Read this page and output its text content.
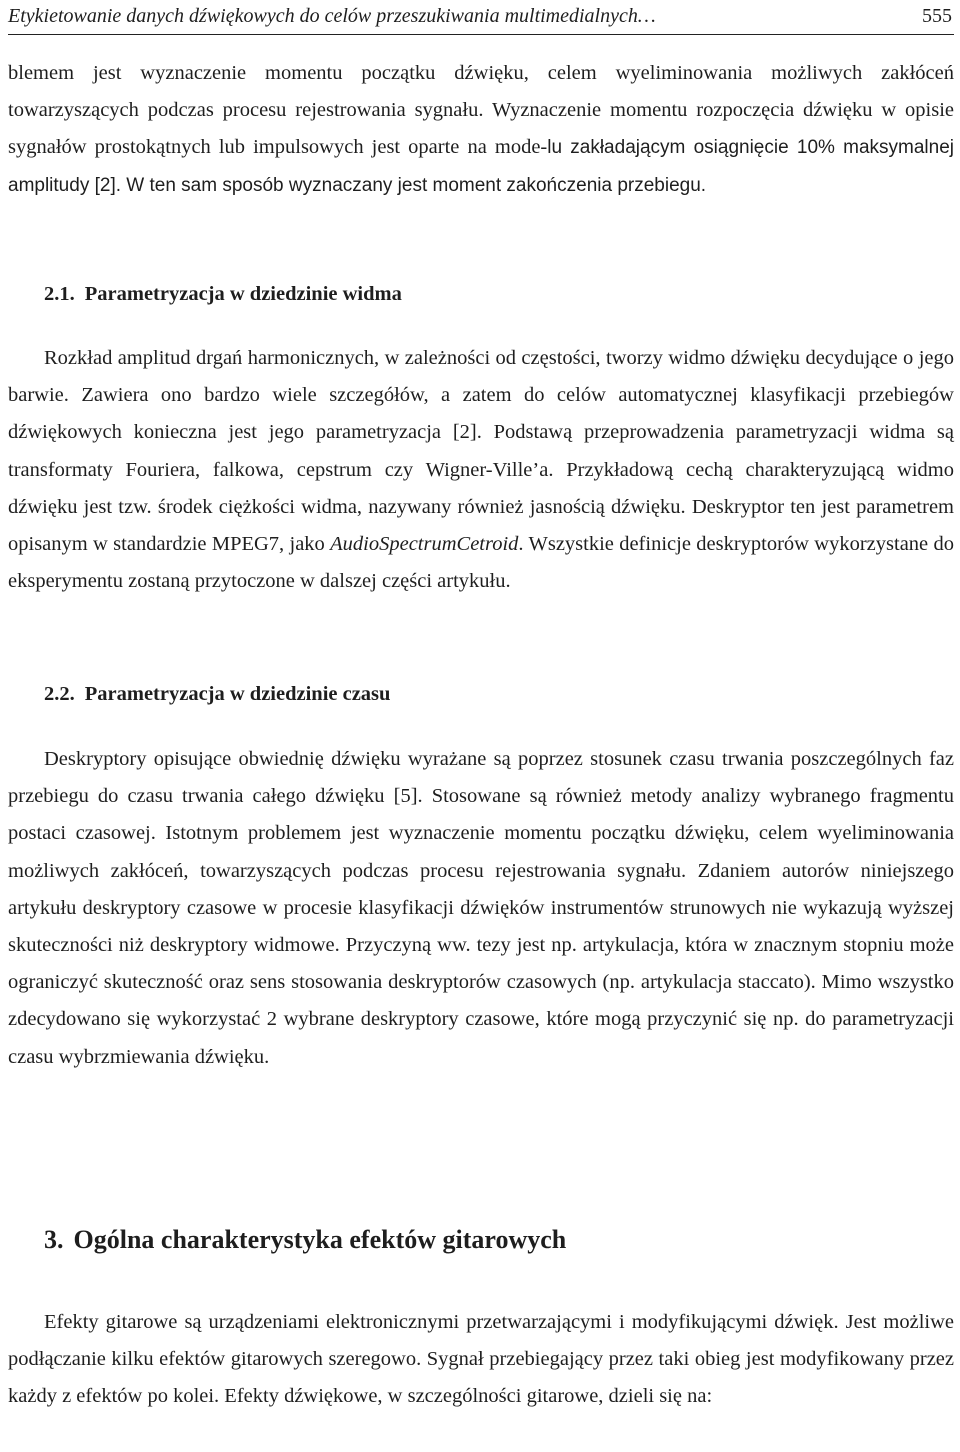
Etykietowanie danych dźwiękowych do celów przeszukiwania multimedialnych…	555

blemem jest wyznaczenie momentu początku dźwięku, celem wyeliminowania możliwych zakłóceń towarzyszących podczas procesu rejestrowania sygnału. Wyznaczenie momentu rozpoczęcia dźwięku w opisie sygnałów prostokątnych lub impulsowych jest oparte na mode-lu zakładającym osiągnięcie 10% maksymalnej amplitudy [2]. W ten sam sposób wyznaczany jest moment zakończenia przebiegu.

2.1. Parametryzacja w dziedzinie widma

Rozkład amplitud drgań harmonicznych, w zależności od częstości, tworzy widmo dźwięku decydujące o jego barwie. Zawiera ono bardzo wiele szczegółów, a zatem do celów automatycznej klasyfikacji przebiegów dźwiękowych konieczna jest jego parametryzacja [2]. Podstawą przeprowadzenia parametryzacji widma są transformaty Fouriera, falkowa, cepstrum czy Wigner-Ville’a. Przykładową cechą charakteryzującą widmo dźwięku jest tzw. środek ciężkości widma, nazywany również jasnością dźwięku. Deskryptor ten jest parametrem opisanym w standardzie MPEG7, jako AudioSpectrumCetroid. Wszystkie definicje deskryptorów wykorzystane do eksperymentu zostaną przytoczone w dalszej części artykułu.

2.2. Parametryzacja w dziedzinie czasu

Deskryptory opisujące obwiednię dźwięku wyrażane są poprzez stosunek czasu trwania poszczególnych faz przebiegu do czasu trwania całego dźwięku [5]. Stosowane są również metody analizy wybranego fragmentu postaci czasowej. Istotnym problemem jest wyznaczenie momentu początku dźwięku, celem wyeliminowania możliwych zakłóceń, towarzyszących podczas procesu rejestrowania sygnału. Zdaniem autorów niniejszego artykułu deskryptory czasowe w procesie klasyfikacji dźwięków instrumentów strunowych nie wykazują wyższej skuteczności niż deskryptory widmowe. Przyczyną ww. tezy jest np. artykulacja, która w znacznym stopniu może ograniczyć skuteczność oraz sens stosowania deskryptorów czasowych (np. artykulacja staccato). Mimo wszystko zdecydowano się wykorzystać 2 wybrane deskryptory czasowe, które mogą przyczynić się np. do parametryzacji czasu wybrzmiewania dźwięku.

3. Ogólna charakterystyka efektów gitarowych

Efekty gitarowe są urządzeniami elektronicznymi przetwarzającymi i modyfikującymi dźwięk. Jest możliwe podłączanie kilku efektów gitarowych szeregowo. Sygnał przebiegający przez taki obieg jest modyfikowany przez każdy z efektów po kolei. Efekty dźwiękowe, w szczególności gitarowe, dzieli się na:
